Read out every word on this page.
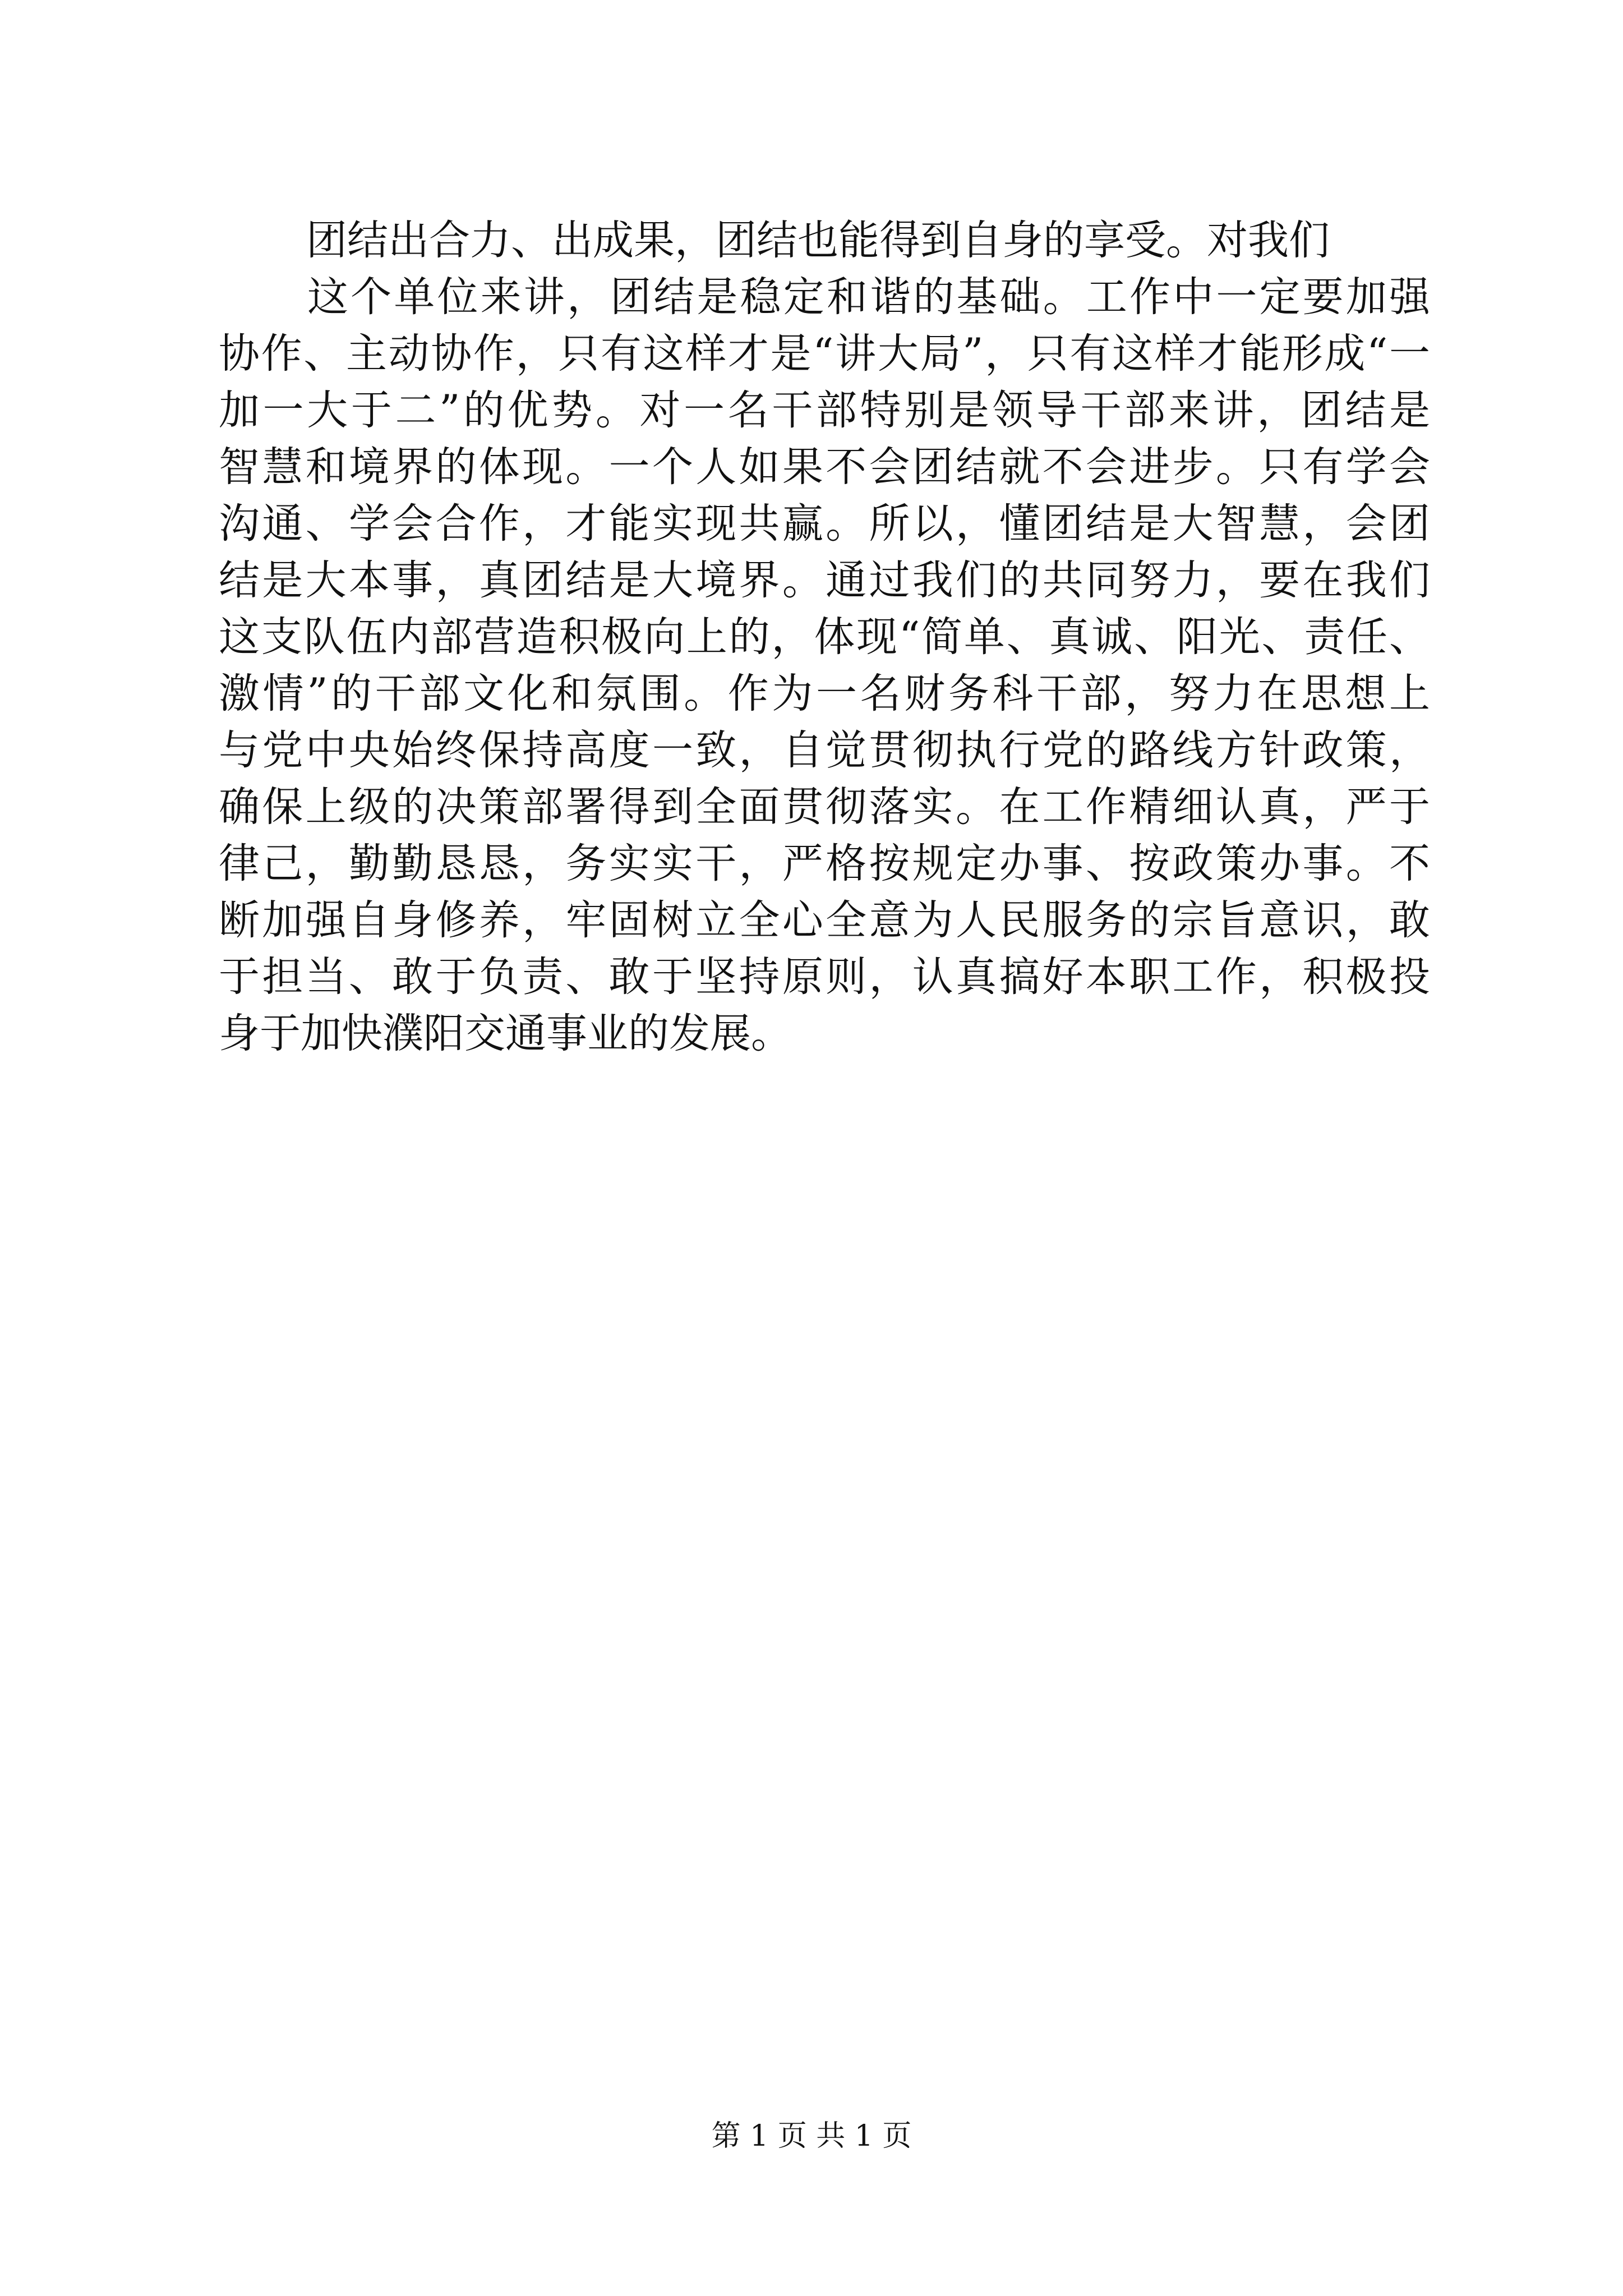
团结出合力、出成果，团结也能得到自身的享受。对我们
这个单位来讲，团结是稳定和谐的基础。工作中一定要加强
协作、主动协作，只有这样才是“讲大局”，只有这样才能形成“一
加一大于二”的优势。对一名干部特别是领导干部来讲，团结是
智慧和境界的体现。一个人如果不会团结就不会进步。只有学会
沟通、学会合作，才能实现共赢。所以，懂团结是大智慧，会团
结是大本事，真团结是大境界。通过我们的共同努力，要在我们
这支队伍内部营造积极向上的，体现“简单、真诚、阳光、责任、
激情”的干部文化和氛围。作为一名财务科干部，努力在思想上
与党中央始终保持高度一致，自觉贯彻执行党的路线方针政策，
确保上级的决策部署得到全面贯彻落实。在工作精细认真，严于
律己，勤勤恳恳，务实实干，严格按规定办事、按政策办事。不
断加强自身修养，牢固树立全心全意为人民服务的宗旨意识，敢
于担当、敢于负责、敢于坚持原则，认真搞好本职工作，积极投
身于加快濮阳交通事业的发展。
第 1 页 共 1 页
